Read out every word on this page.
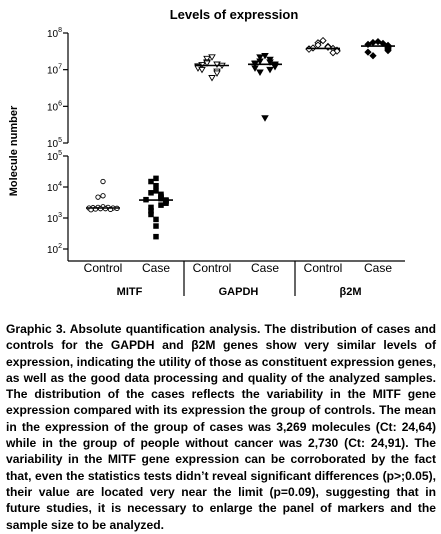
Levels of expression
Molecule number
$10^8$
$10^7$
$10^6$
$10^5$
$10^5$
$10^4$
$10^3$
$10^2$
Control Case
MITF
Control Case
GAPDH
Control Case
β2M
Graphic 3. Absolute quantification analysis. The distribution of cases and controls for the GAPDH and β2M genes show very similar levels of expression, indicating the utility of those as constituent expression genes, as well as the good data processing and quality of the analyzed samples. The distribution of the cases reflects the variability in the MITF gene expression compared with its expression the group of controls. The mean in the expression of the group of cases was 3,269 molecules (Ct: 24,64) while in the group of people without cancer was 2,730 (Ct: 24,91). The variability in the MITF gene expression can be corroborated by the fact that, even the statistics tests didn’t reveal significant differences (p>;0.05), their value are located very near the limit (p=0.09), suggesting that in future studies, it is necessary to enlarge the panel of markers and the sample size to be analyzed.
